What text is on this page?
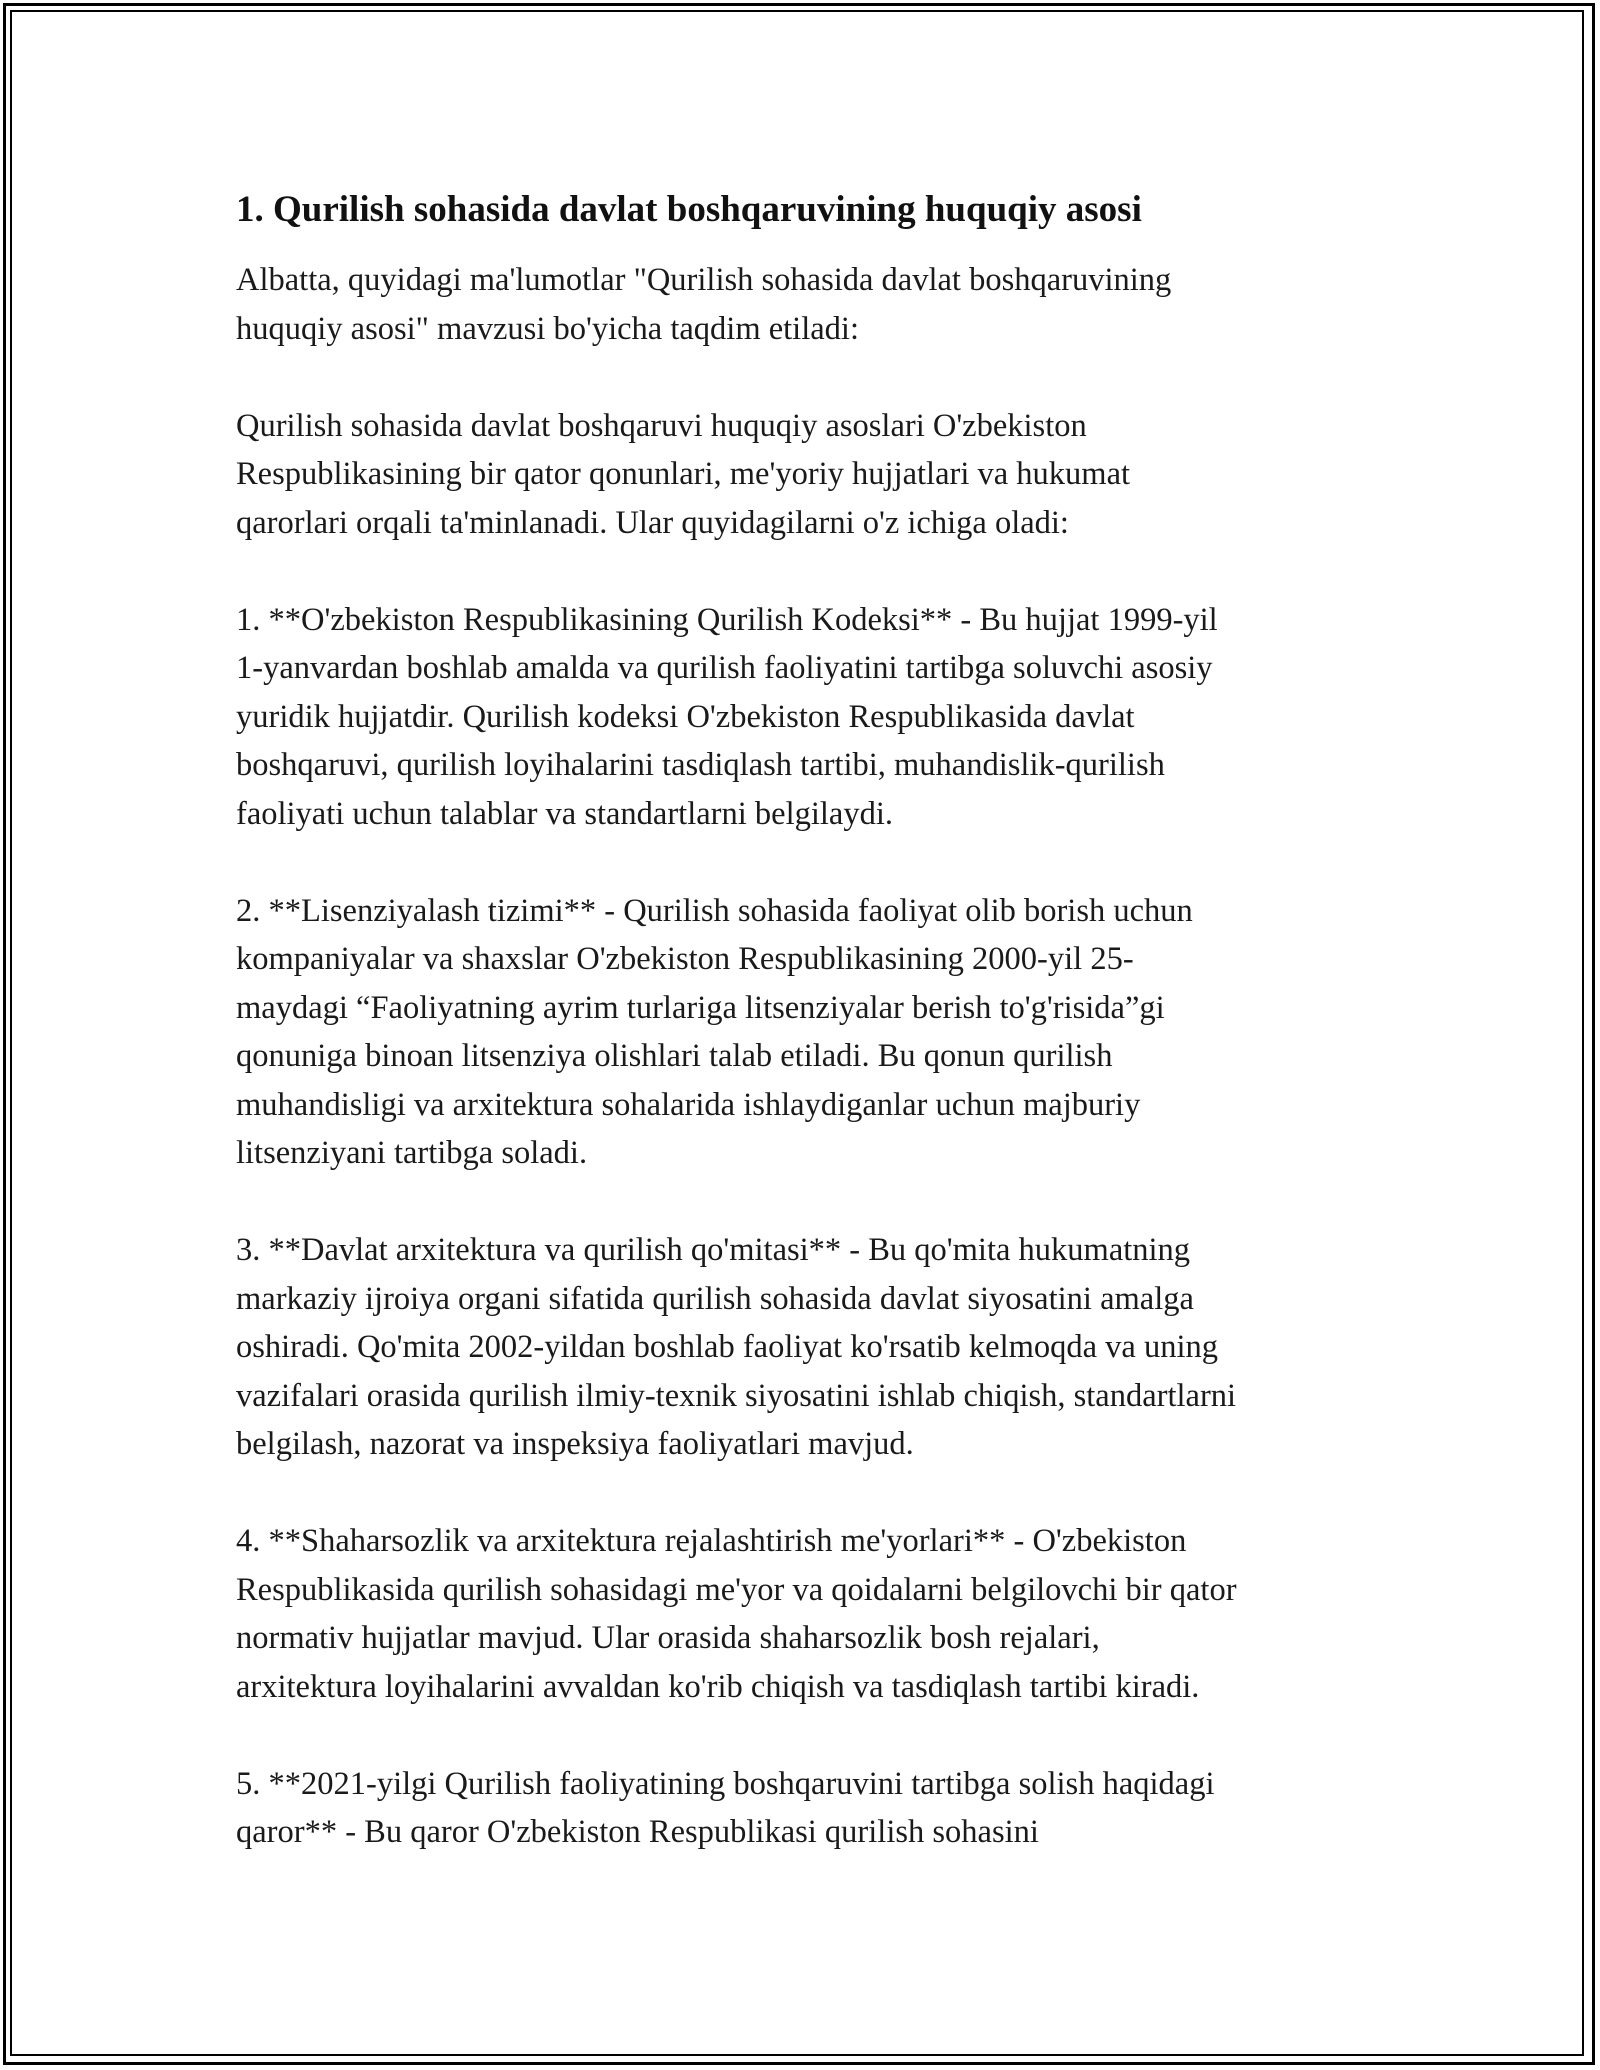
1. Qurilish sohasida davlat boshqaruvining huquqiy asosi

Albatta, quyidagi ma'lumotlar "Qurilish sohasida davlat boshqaruvining
huquqiy asosi" mavzusi bo'yicha taqdim etiladi:

Qurilish sohasida davlat boshqaruvi huquqiy asoslari O'zbekiston
Respublikasining bir qator qonunlari, me'yoriy hujjatlari va hukumat
qarorlari orqali ta'minlanadi. Ular quyidagilarni o'z ichiga oladi:

1. **O'zbekiston Respublikasining Qurilish Kodeksi** - Bu hujjat 1999-yil
1-yanvardan boshlab amalda va qurilish faoliyatini tartibga soluvchi asosiy
yuridik hujjatdir. Qurilish kodeksi O'zbekiston Respublikasida davlat
boshqaruvi, qurilish loyihalarini tasdiqlash tartibi, muhandislik-qurilish
faoliyati uchun talablar va standartlarni belgilaydi.

2. **Lisenziyalash tizimi** - Qurilish sohasida faoliyat olib borish uchun
kompaniyalar va shaxslar O'zbekiston Respublikasining 2000-yil 25-
maydagi “Faoliyatning ayrim turlariga litsenziyalar berish to'g'risida”gi
qonuniga binoan litsenziya olishlari talab etiladi. Bu qonun qurilish
muhandisligi va arxitektura sohalarida ishlaydiganlar uchun majburiy
litsenziyani tartibga soladi.

3. **Davlat arxitektura va qurilish qo'mitasi** - Bu qo'mita hukumatning
markaziy ijroiya organi sifatida qurilish sohasida davlat siyosatini amalga
oshiradi. Qo'mita 2002-yildan boshlab faoliyat ko'rsatib kelmoqda va uning
vazifalari orasida qurilish ilmiy-texnik siyosatini ishlab chiqish, standartlarni
belgilash, nazorat va inspeksiya faoliyatlari mavjud.

4. **Shaharsozlik va arxitektura rejalashtirish me'yorlari** - O'zbekiston
Respublikasida qurilish sohasidagi me'yor va qoidalarni belgilovchi bir qator
normativ hujjatlar mavjud. Ular orasida shaharsozlik bosh rejalari,
arxitektura loyihalarini avvaldan ko'rib chiqish va tasdiqlash tartibi kiradi.

5. **2021-yilgi Qurilish faoliyatining boshqaruvini tartibga solish haqidagi
qaror** - Bu qaror O'zbekiston Respublikasi qurilish sohasini
